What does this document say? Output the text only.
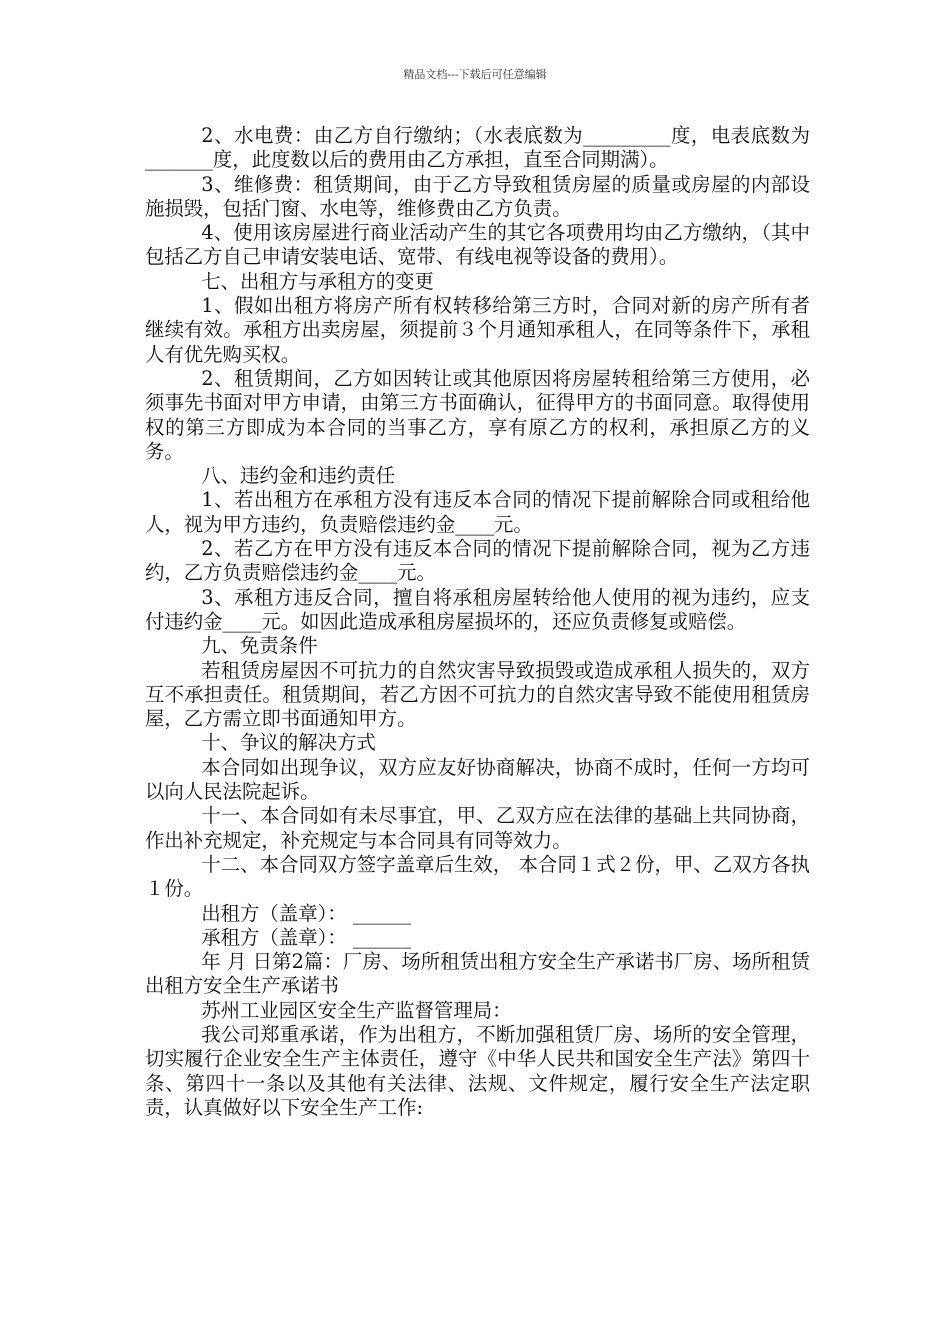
精品文档---下载后可任意编辑

2、水电费：由乙方自行缴纳；（水表底数为_________度，电表底数为_______度，此度数以后的费用由乙方承担，直至合同期满）。

3、维修费：租赁期间，由于乙方导致租赁房屋的质量或房屋的内部设施损毁，包括门窗、水电等，维修费由乙方负责。

4、使用该房屋进行商业活动产生的其它各项费用均由乙方缴纳，（其中包括乙方自己申请安装电话、宽带、有线电视等设备的费用）。

七、出租方与承租方的变更

1、假如出租方将房产所有权转移给第三方时，合同对新的房产所有者继续有效。承租方出卖房屋，须提前３个月通知承租人，在同等条件下，承租人有优先购买权。

2、租赁期间，乙方如因转让或其他原因将房屋转租给第三方使用，必须事先书面对甲方申请，由第三方书面确认，征得甲方的书面同意。取得使用权的第三方即成为本合同的当事乙方，享有原乙方的权利，承担原乙方的义务。

八、违约金和违约责任

1、若出租方在承租方没有违反本合同的情况下提前解除合同或租给他人，视为甲方违约，负责赔偿违约金____元。

2、若乙方在甲方没有违反本合同的情况下提前解除合同，视为乙方违约，乙方负责赔偿违约金____元。

3、承租方违反合同，擅自将承租房屋转给他人使用的视为违约，应支付违约金____元。如因此造成承租房屋损坏的，还应负责修复或赔偿。

九、免责条件

若租赁房屋因不可抗力的自然灾害导致损毁或造成承租人损失的，双方互不承担责任。租赁期间，若乙方因不可抗力的自然灾害导致不能使用租赁房屋，乙方需立即书面通知甲方。

十、争议的解决方式

本合同如出现争议，双方应友好协商解决，协商不成时，任何一方均可以向人民法院起诉。

十一、本合同如有未尽事宜，甲、乙双方应在法律的基础上共同协商，作出补充规定，补充规定与本合同具有同等效力。

十二、本合同双方签字盖章后生效， 本合同１式２份，甲、乙双方各执１份。

出租方（盖章）： ______

承租方（盖章）： ______

年 月 日第2篇：厂房、场所租赁出租方安全生产承诺书厂房、场所租赁出租方安全生产承诺书

苏州工业园区安全生产监督管理局：

我公司郑重承诺，作为出租方，不断加强租赁厂房、场所的安全管理，切实履行企业安全生产主体责任，遵守《中华人民共和国安全生产法》第四十条、第四十一条以及其他有关法律、法规、文件规定，履行安全生产法定职责，认真做好以下安全生产工作:
